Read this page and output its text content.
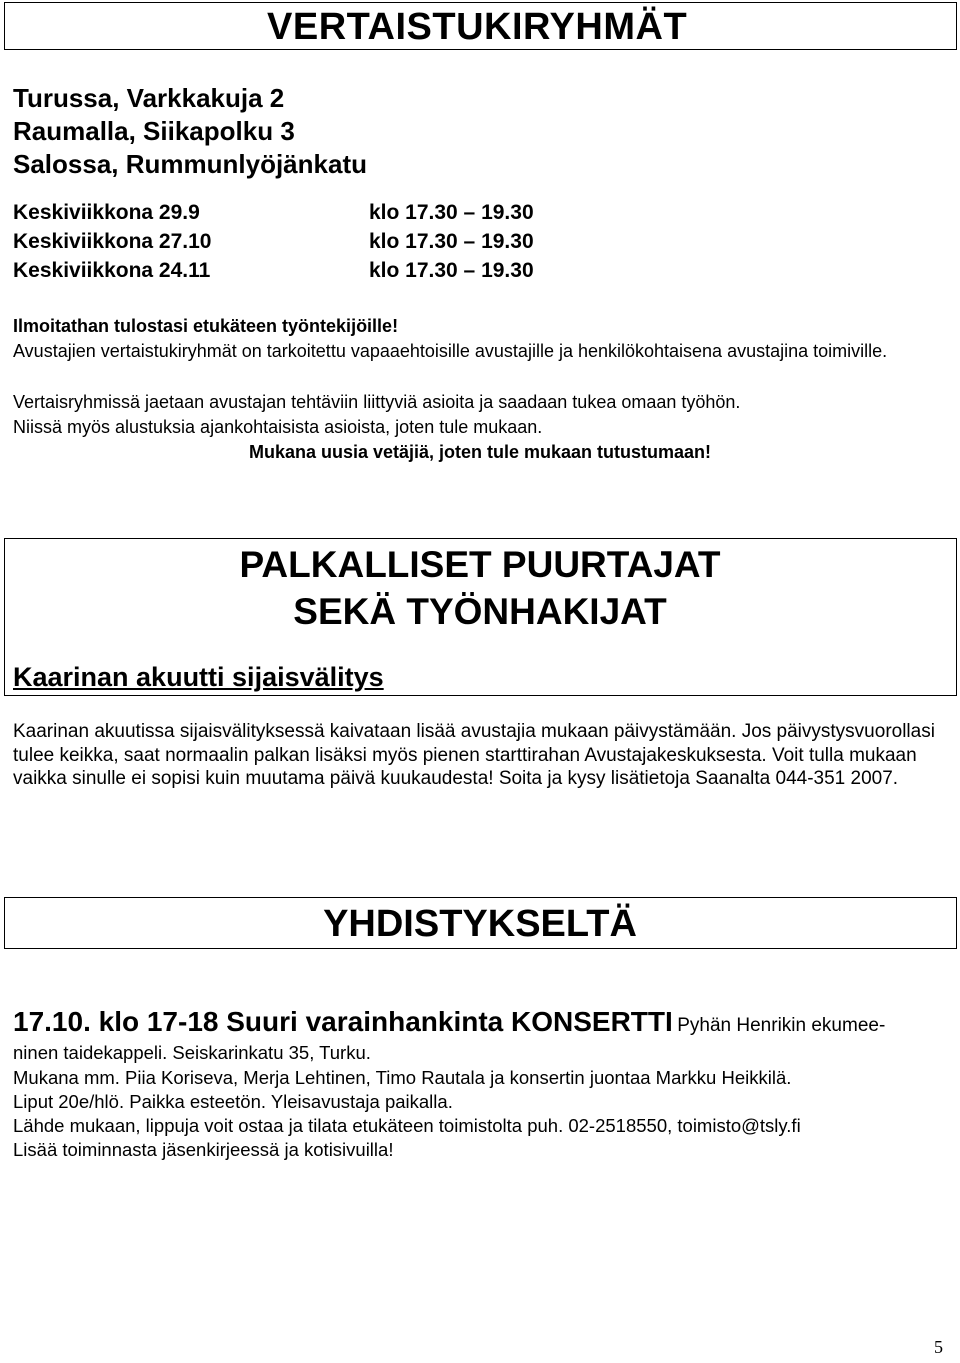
VERTAISTUKIRYHMÄT
Turussa, Varkkakuja 2
Raumalla, Siikapolku 3
Salossa, Rummunlyöjänkatu
Keskiviikkona 29.9	klo 17.30 – 19.30
Keskiviikkona 27.10	klo 17.30 – 19.30
Keskiviikkona 24.11	klo 17.30 – 19.30
Ilmoitathan tulostasi etukäteen työntekijöille!
Avustajien vertaistukiryhmät on tarkoitettu vapaaehtoisille avustajille ja henkilökohtaisena avustajina toimiville.
Vertaisryhmissä jaetaan avustajan tehtäviin liittyviä asioita ja saadaan tukea omaan työhön.
Niissä myös alustuksia ajankohtaisista asioista, joten tule mukaan.
Mukana uusia vetäjiä, joten tule mukaan tutustumaan!
PALKALLISET PUURTAJAT
SEKÄ TYÖNHAKIJAT
Kaarinan akuutti sijaisvälitys
Kaarinan akuutissa sijaisvälityksessä kaivataan lisää avustajia mukaan päivystämään. Jos päivystysvuorollasi tulee keikka, saat normaalin palkan lisäksi myös pienen starttirahan Avustajakeskuksesta. Voit tulla mukaan vaikka sinulle ei sopisi kuin muutama päivä kuukaudesta! Soita ja kysy lisätietoja Saanalta 044-351 2007.
YHDISTYKSELTÄ
17.10. klo 17-18 Suuri varainhankinta KONSERTTI Pyhän Henrikin ekumee-
ninen taidekappeli. Seiskarinkatu 35, Turku.
Mukana mm. Piia Koriseva, Merja Lehtinen, Timo Rautala ja konsertin juontaa Markku Heikkilä.
Liput 20e/hlö. Paikka esteetön. Yleisavustaja paikalla.
Lähde mukaan, lippuja voit ostaa ja tilata etukäteen toimistolta puh. 02-2518550, toimisto@tsly.fi
Lisää toiminnasta jäsenkirjeessä ja kotisivuilla!
5
